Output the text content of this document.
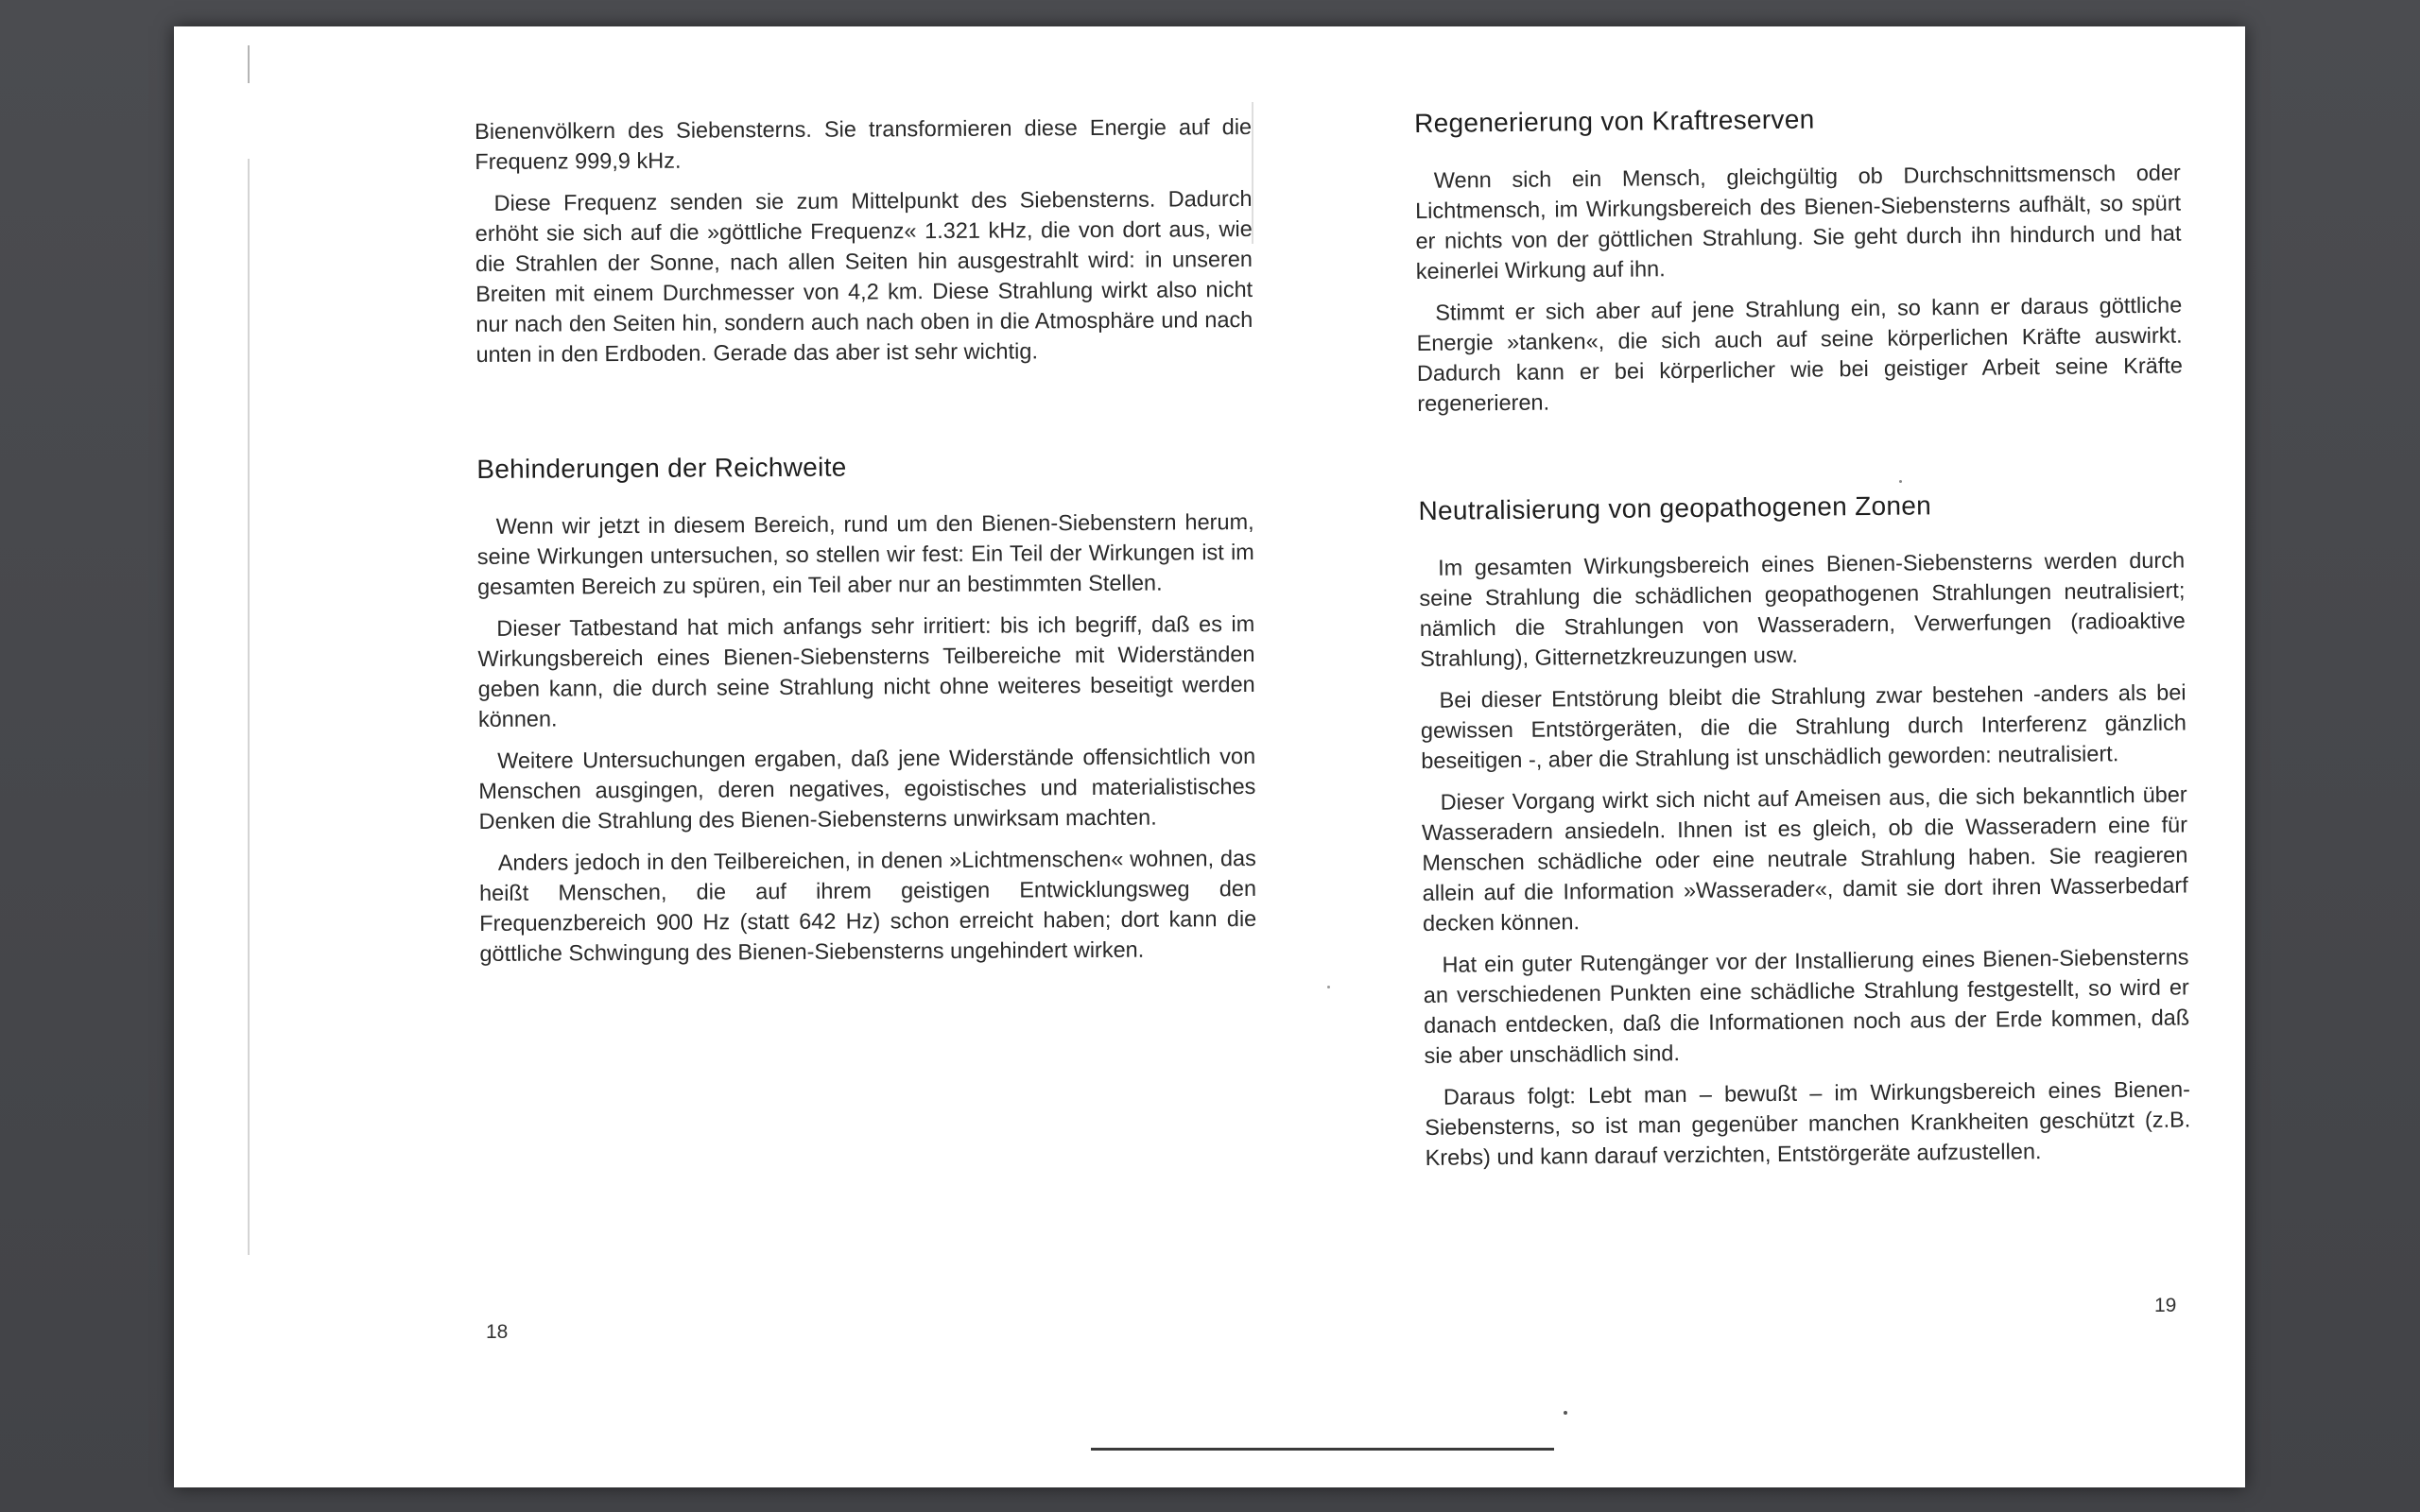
Bienenvölkern des Siebensterns. Sie transformieren diese Energie auf die Frequenz 999,9 kHz.

Diese Frequenz senden sie zum Mittelpunkt des Siebensterns. Dadurch erhöht sie sich auf die »göttliche Frequenz« 1.321 kHz, die von dort aus, wie die Strahlen der Sonne, nach allen Seiten hin ausgestrahlt wird: in unseren Breiten mit einem Durchmesser von 4,2 km. Diese Strahlung wirkt also nicht nur nach den Seiten hin, sondern auch nach oben in die Atmosphäre und nach unten in den Erdboden. Gerade das aber ist sehr wichtig.

Behinderungen der Reichweite

Wenn wir jetzt in diesem Bereich, rund um den Bienen-Siebenstern herum, seine Wirkungen untersuchen, so stellen wir fest: Ein Teil der Wirkungen ist im gesamten Bereich zu spüren, ein Teil aber nur an bestimmten Stellen.

Dieser Tatbestand hat mich anfangs sehr irritiert: bis ich begriff, daß es im Wirkungsbereich eines Bienen-Siebensterns Teilbereiche mit Widerständen geben kann, die durch seine Strahlung nicht ohne weiteres beseitigt werden können.

Weitere Untersuchungen ergaben, daß jene Widerstände offensichtlich von Menschen ausgingen, deren negatives, egoistisches und materialistisches Denken die Strahlung des Bienen-Siebensterns unwirksam machten.

Anders jedoch in den Teilbereichen, in denen »Lichtmenschen« wohnen, das heißt Menschen, die auf ihrem geistigen Entwicklungsweg den Frequenzbereich 900 Hz (statt 642 Hz) schon erreicht haben; dort kann die göttliche Schwingung des Bienen-Siebensterns ungehindert wirken.

18
Regenerierung von Kraftreserven

Wenn sich ein Mensch, gleichgültig ob Durchschnittsmensch oder Lichtmensch, im Wirkungsbereich des Bienen-Siebensterns aufhält, so spürt er nichts von der göttlichen Strahlung. Sie geht durch ihn hindurch und hat keinerlei Wirkung auf ihn.

Stimmt er sich aber auf jene Strahlung ein, so kann er daraus göttliche Energie »tanken«, die sich auch auf seine körperlichen Kräfte auswirkt. Dadurch kann er bei körperlicher wie bei geistiger Arbeit seine Kräfte regenerieren.

Neutralisierung von geopathogenen Zonen

Im gesamten Wirkungsbereich eines Bienen-Siebensterns werden durch seine Strahlung die schädlichen geopathogenen Strahlungen neutralisiert; nämlich die Strahlungen von Wasseradern, Verwerfungen (radioaktive Strahlung), Gitternetzkreuzungen usw.

Bei dieser Entstörung bleibt die Strahlung zwar bestehen -anders als bei gewissen Entstörgeräten, die die Strahlung durch Interferenz gänzlich beseitigen -, aber die Strahlung ist unschädlich geworden: neutralisiert.

Dieser Vorgang wirkt sich nicht auf Ameisen aus, die sich bekanntlich über Wasseradern ansiedeln. Ihnen ist es gleich, ob die Wasseradern eine für Menschen schädliche oder eine neutrale Strahlung haben. Sie reagieren allein auf die Information »Wasserader«, damit sie dort ihren Wasserbedarf decken können.

Hat ein guter Rutengänger vor der Installierung eines Bienen-Siebensterns an verschiedenen Punkten eine schädliche Strahlung festgestellt, so wird er danach entdecken, daß die Informationen noch aus der Erde kommen, daß sie aber unschädlich sind.

Daraus folgt: Lebt man – bewußt – im Wirkungsbereich eines Bienen-Siebensterns, so ist man gegenüber manchen Krankheiten geschützt (z.B. Krebs) und kann darauf verzichten, Entstörgeräte aufzustellen.

19
